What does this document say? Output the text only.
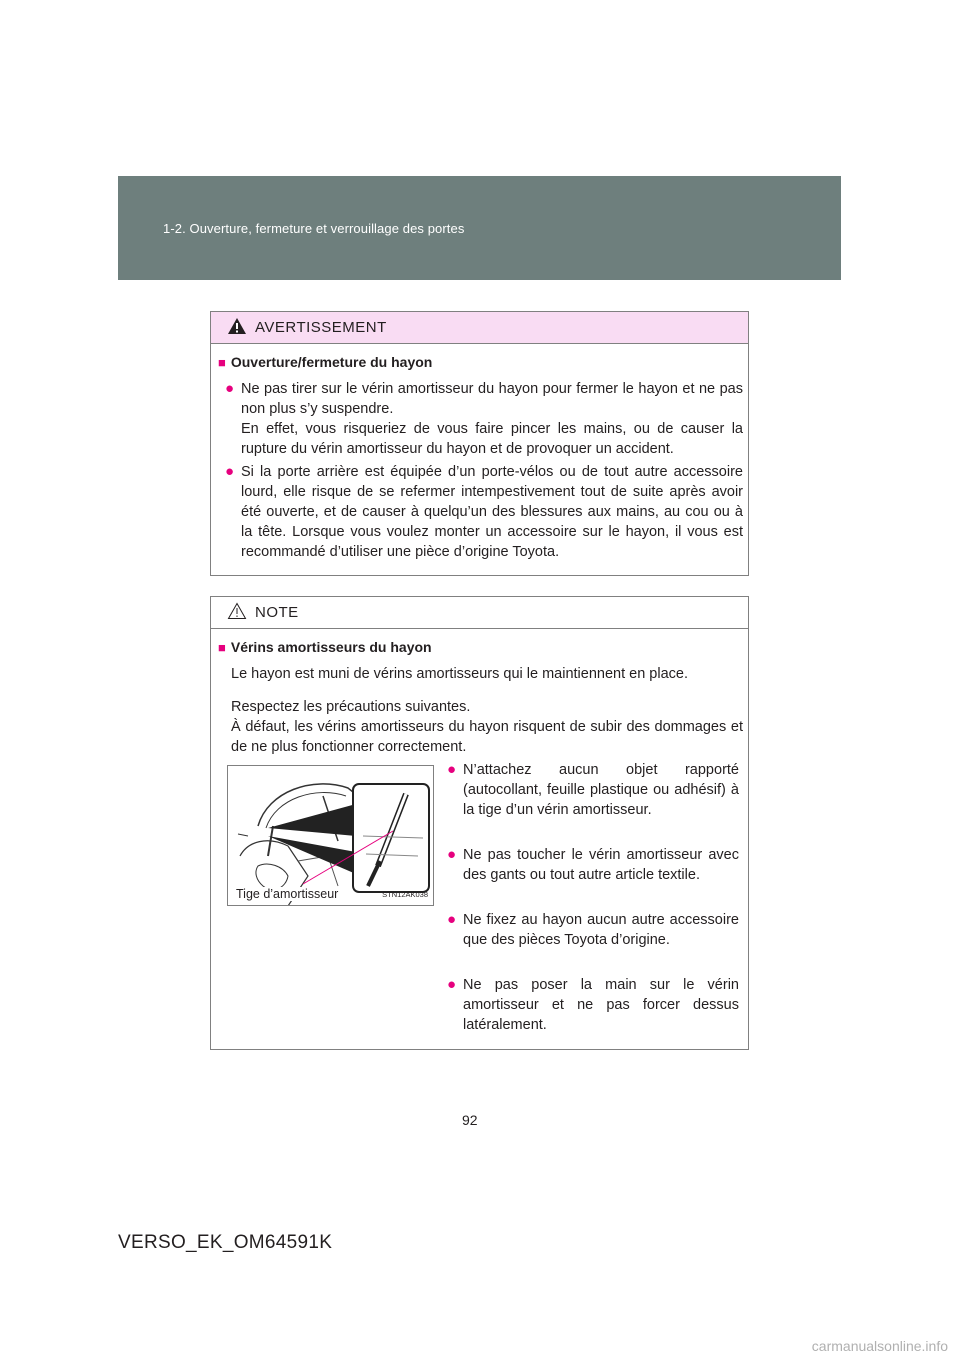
1-2. Ouverture, fermeture et verrouillage des portes
AVERTISSEMENT
■ Ouverture/fermeture du hayon
● Ne pas tirer sur le vérin amortisseur du hayon pour fermer le hayon et ne pas non plus s’y suspendre.
En effet, vous risqueriez de vous faire pincer les mains, ou de causer la rupture du vérin amortisseur du hayon et de provoquer un accident.
● Si la porte arrière est équipée d’un porte-vélos ou de tout autre accessoire lourd, elle risque de se refermer intempestivement tout de suite après avoir été ouverte, et de causer à quelqu’un des blessures aux mains, au cou ou à la tête. Lorsque vous voulez monter un accessoire sur le hayon, il vous est recommandé d’utiliser une pièce d’origine Toyota.
NOTE
■ Vérins amortisseurs du hayon
Le hayon est muni de vérins amortisseurs qui le maintiennent en place.
Respectez les précautions suivantes.
À défaut, les vérins amortisseurs du hayon risquent de subir des dommages et de ne plus fonctionner correctement.
Tige d’amortisseur	STN12AK038
● N’attachez aucun objet rapporté (autocollant, feuille plastique ou adhésif) à la tige d’un vérin amortisseur.
● Ne pas toucher le vérin amortisseur avec des gants ou tout autre article textile.
● Ne fixez au hayon aucun autre accessoire que des pièces Toyota d’origine.
● Ne pas poser la main sur le vérin amortisseur et ne pas forcer dessus latéralement.
92
VERSO_EK_OM64591K
carmanualsonline.info
